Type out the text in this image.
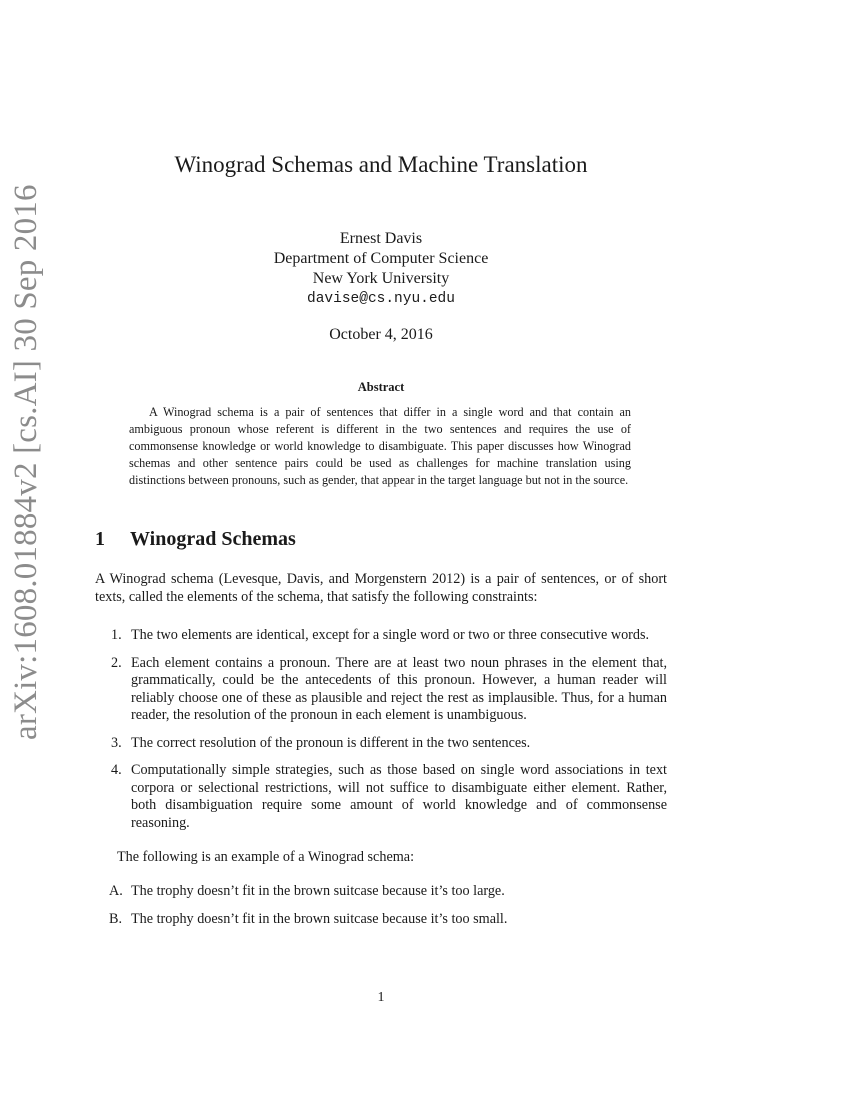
arXiv:1608.01884v2 [cs.AI] 30 Sep 2016
Winograd Schemas and Machine Translation
Ernest Davis
Department of Computer Science
New York University
davise@cs.nyu.edu
October 4, 2016
Abstract

A Winograd schema is a pair of sentences that differ in a single word and that contain an ambiguous pronoun whose referent is different in the two sentences and requires the use of commonsense knowledge or world knowledge to disambiguate. This paper discusses how Winograd schemas and other sentence pairs could be used as challenges for machine translation using distinctions between pronouns, such as gender, that appear in the target language but not in the source.

1 Winograd Schemas

A Winograd schema (Levesque, Davis, and Morgenstern 2012) is a pair of sentences, or of short texts, called the elements of the schema, that satisfy the following constraints:

1. The two elements are identical, except for a single word or two or three consecutive words.
2. Each element contains a pronoun. There are at least two noun phrases in the element that, grammatically, could be the antecedents of this pronoun. However, a human reader will reliably choose one of these as plausible and reject the rest as implausible. Thus, for a human reader, the resolution of the pronoun in each element is unambiguous.
3. The correct resolution of the pronoun is different in the two sentences.
4. Computationally simple strategies, such as those based on single word associations in text corpora or selectional restrictions, will not suffice to disambiguate either element. Rather, both disambiguation require some amount of world knowledge and of commonsense reasoning.

The following is an example of a Winograd schema:

A. The trophy doesn’t fit in the brown suitcase because it’s too large.
B. The trophy doesn’t fit in the brown suitcase because it’s too small.
1
